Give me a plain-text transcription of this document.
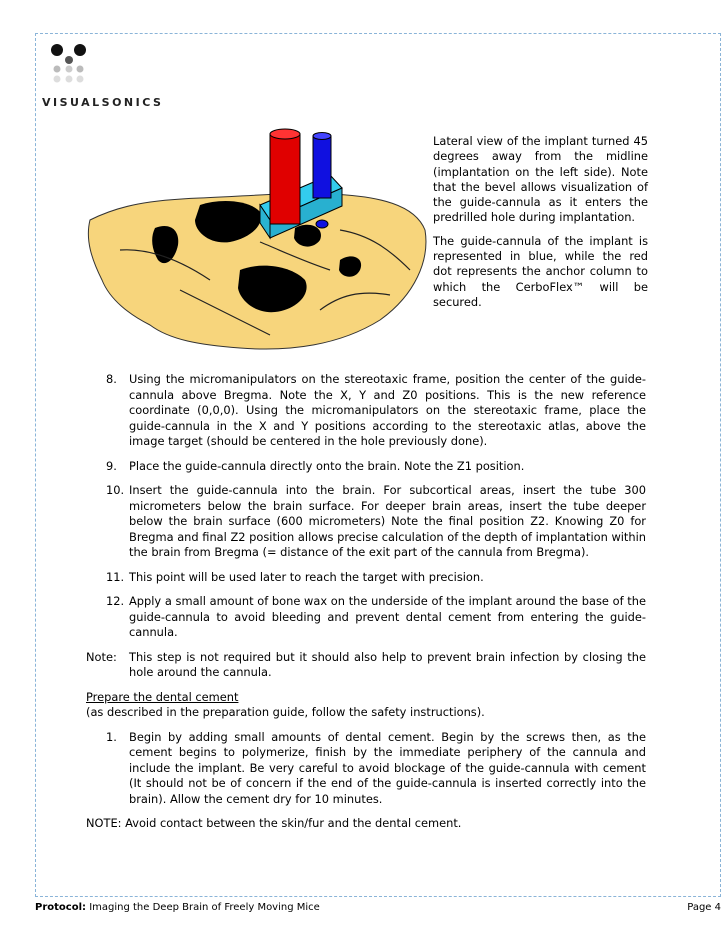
VISUALSONICS

Lateral view of the implant turned 45 degrees away from the midline (implantation on the left side). Note that the bevel allows visualization of the guide-cannula as it enters the predrilled hole during implantation.

The guide-cannula of the implant is represented in blue, while the red dot represents the anchor column to which the CerboFlex™ will be secured.

8. Using the micromanipulators on the stereotaxic frame, position the center of the guide-cannula above Bregma. Note the X, Y and Z0 positions. This is the new reference coordinate (0,0,0). Using the micromanipulators on the stereotaxic frame, place the guide-cannula in the X and Y positions according to the stereotaxic atlas, above the image target (should be centered in the hole previously done).
9. Place the guide-cannula directly onto the brain. Note the Z1 position.
10. Insert the guide-cannula into the brain. For subcortical areas, insert the tube 300 micrometers below the brain surface. For deeper brain areas, insert the tube deeper below the brain surface (600 micrometers) Note the final position Z2. Knowing Z0 for Bregma and final Z2 position allows precise calculation of the depth of implantation within the brain from Bregma (= distance of the exit part of the cannula from Bregma).
11. This point will be used later to reach the target with precision.
12. Apply a small amount of bone wax on the underside of the implant around the base of the guide-cannula to avoid bleeding and prevent dental cement from entering the guide-cannula.
Note: This step is not required but it should also help to prevent brain infection by closing the hole around the cannula.
Prepare the dental cement
(as described in the preparation guide, follow the safety instructions).
1. Begin by adding small amounts of dental cement. Begin by the screws then, as the cement begins to polymerize, finish by the immediate periphery of the cannula and include the implant. Be very careful to avoid blockage of the guide-cannula with cement (It should not be of concern if the end of the guide-cannula is inserted correctly into the brain). Allow the cement dry for 10 minutes.
NOTE: Avoid contact between the skin/fur and the dental cement.
Protocol: Imaging the Deep Brain of Freely Moving Mice	Page 4
